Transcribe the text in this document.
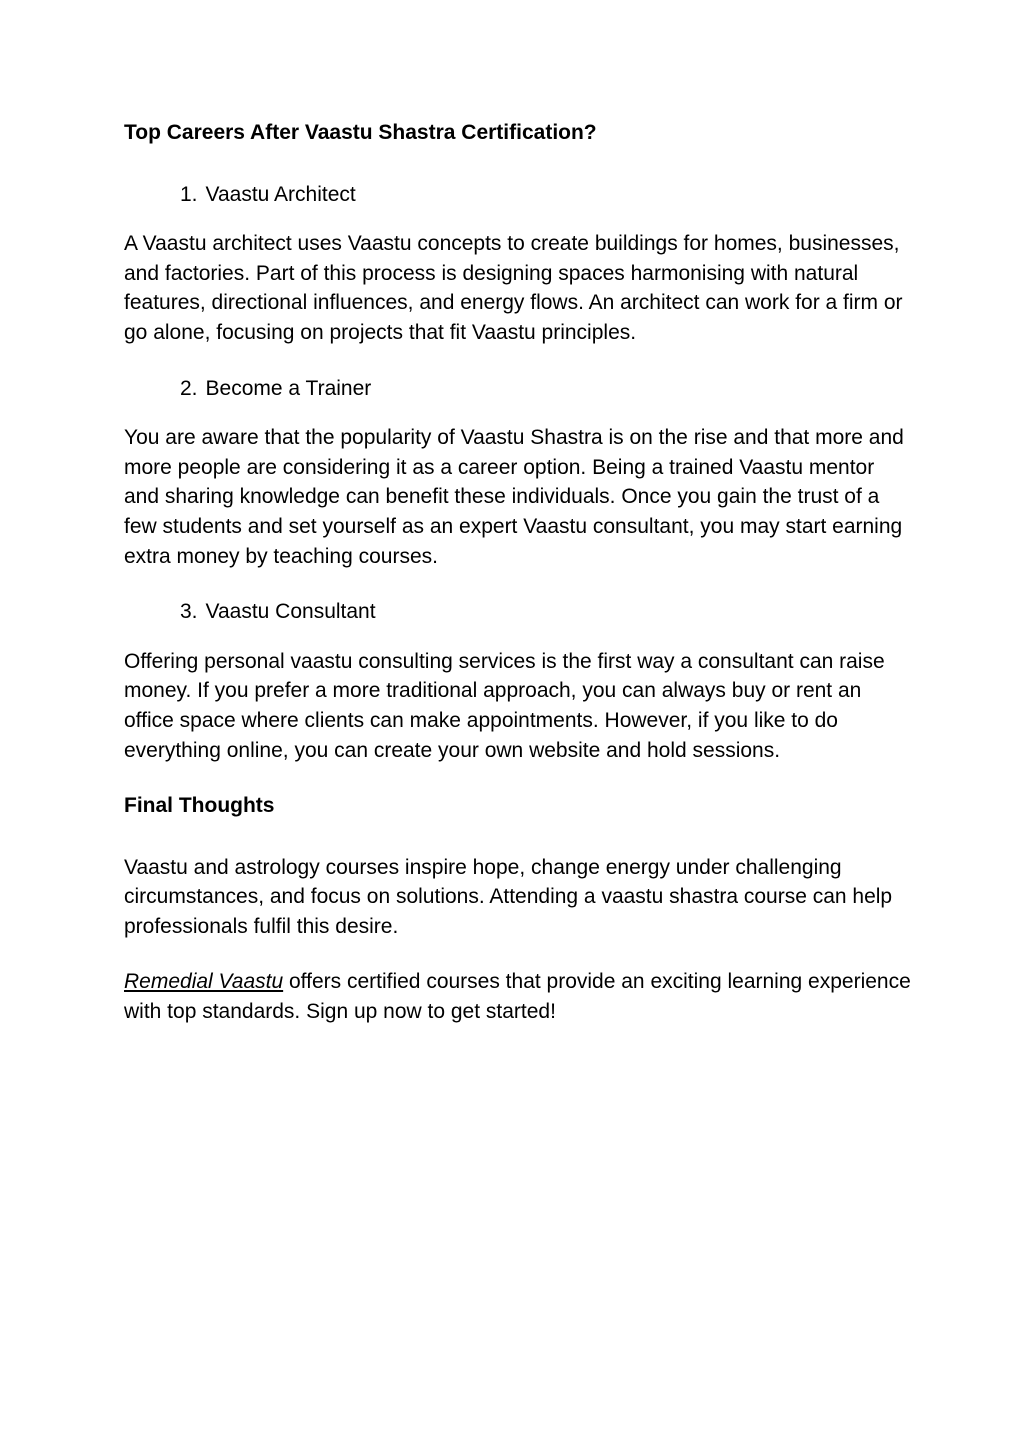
Top Careers After Vaastu Shastra Certification?

1. Vaastu Architect

A Vaastu architect uses Vaastu concepts to create buildings for homes, businesses, and factories. Part of this process is designing spaces harmonising with natural features, directional influences, and energy flows. An architect can work for a firm or go alone, focusing on projects that fit Vaastu principles.

2. Become a Trainer

You are aware that the popularity of Vaastu Shastra is on the rise and that more and more people are considering it as a career option. Being a trained Vaastu mentor and sharing knowledge can benefit these individuals. Once you gain the trust of a few students and set yourself as an expert Vaastu consultant, you may start earning extra money by teaching courses.

3. Vaastu Consultant

Offering personal vaastu consulting services is the first way a consultant can raise money. If you prefer a more traditional approach, you can always buy or rent an office space where clients can make appointments. However, if you like to do everything online, you can create your own website and hold sessions.

Final Thoughts

Vaastu and astrology courses inspire hope, change energy under challenging circumstances, and focus on solutions. Attending a vaastu shastra course can help professionals fulfil this desire.

Remedial Vaastu offers certified courses that provide an exciting learning experience with top standards. Sign up now to get started!
